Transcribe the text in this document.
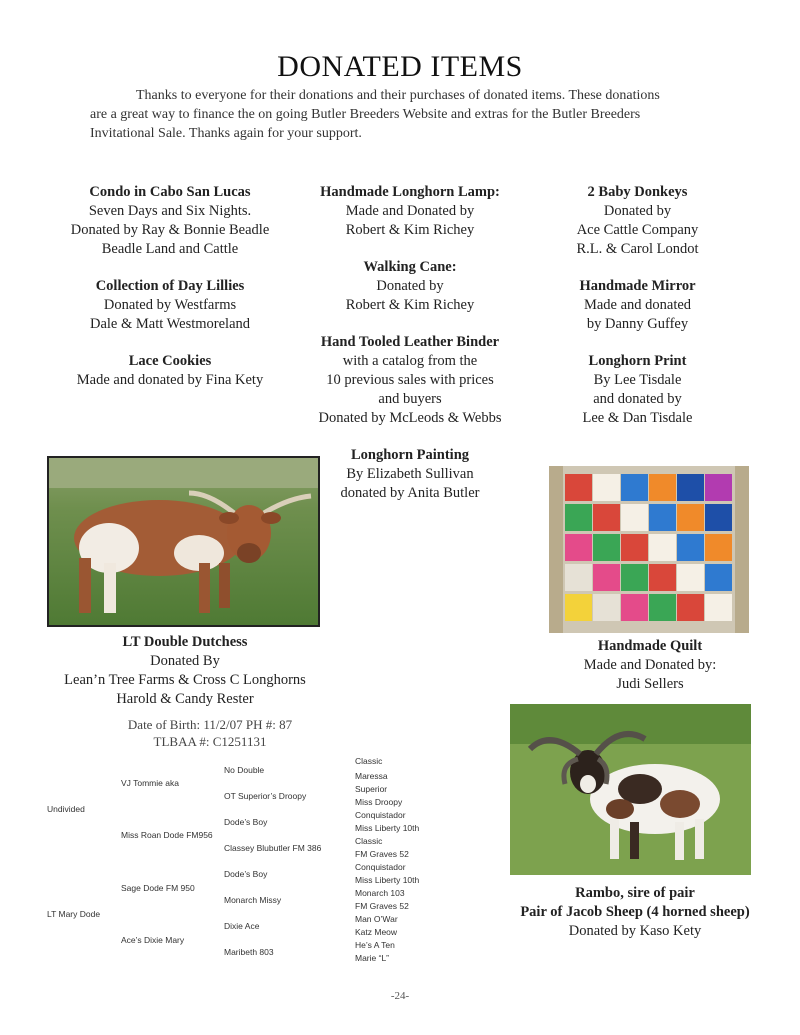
DONATED ITEMS
Thanks to everyone for their donations and their purchases of donated items. These donations
are a great way to finance the on going Butler Breeders Website and extras for the Butler Breeders
Invitational Sale. Thanks again for your support.
Condo in Cabo San Lucas
Seven Days and Six Nights.
Donated by Ray & Bonnie Beadle
Beadle Land and Cattle
Collection of Day Lillies
Donated by Westfarms
Dale & Matt Westmoreland
Lace Cookies
Made and donated by Fina Kety
Handmade Longhorn Lamp:
Made and Donated by
Robert & Kim Richey
Walking Cane:
Donated by
Robert & Kim Richey
Hand Tooled Leather Binder
with a catalog from the
10 previous sales with prices
and buyers
Donated by McLeods & Webbs
Longhorn Painting
By Elizabeth Sullivan
donated by Anita Butler
2 Baby Donkeys
Donated by
Ace Cattle Company
R.L. & Carol Londot
Handmade Mirror
Made and donated
by Danny Guffey
Longhorn Print
By Lee Tisdale
and donated by
Lee & Dan Tisdale
LT Double Dutchess
Donated By
Lean’n Tree Farms & Cross C Longhorns
Harold & Candy Rester
Date of Birth: 11/2/07 PH #: 87
TLBAA #: C1251131
Handmade Quilt
Made and Donated by:
Judi Sellers
Rambo, sire of pair
Pair of Jacob Sheep (4 horned sheep)
Donated by Kaso Kety
Undivided
LT Mary Dode
VJ Tommie aka
Miss Roan Dode FM956
Sage Dode FM 950
Ace’s Dixie Mary
No Double
OT Superior’s Droopy
Dode’s Boy
Classey Blubutler FM 386
Dode’s Boy
Monarch Missy
Dixie Ace
Maribeth 803
Classic
Maressa
Superior
Miss Droopy
Conquistador
Miss Liberty 10th
Classic
FM Graves 52
Conquistador
Miss Liberty 10th
Monarch 103
FM Graves 52
Man O’War
Katz Meow
He’s A Ten
Marie “L”
-24-
